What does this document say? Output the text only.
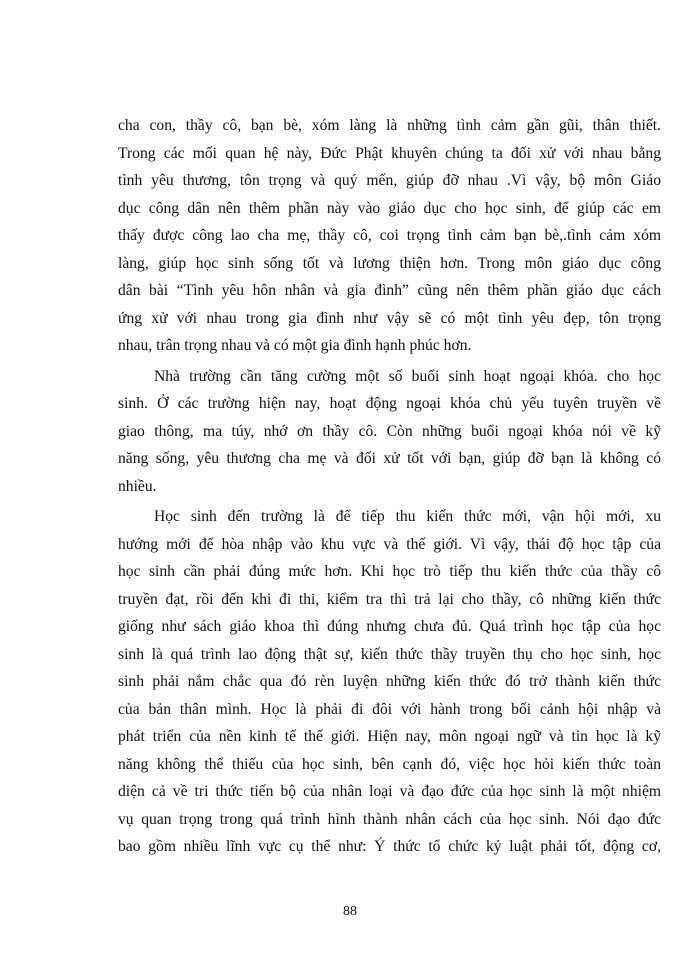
cha con, thầy cô, bạn bè, xóm làng là những tình cảm gần gũi, thân thiết.
Trong các mối quan hệ này, Đức Phật khuyên chúng ta đối xử với nhau bằng
tình yêu thương, tôn trọng và quý mến, giúp đỡ nhau .Vì vậy, bộ môn Giáo
dục công dân nên thêm phần này vào giáo dục cho học sinh, để giúp các em
thấy được công lao cha mẹ, thầy cô, coi trọng tình cảm bạn bè,.tình cảm xóm
làng, giúp học sinh sống tốt và lương thiện hơn. Trong môn giáo dục công
dân bài “Tình yêu hôn nhân và gia đình” cũng nên thêm phần giáo dục cách
ứng xử với nhau trong gia đình như vậy sẽ có một tình yêu đẹp, tôn trọng
nhau, trân trọng nhau và có một gia đình hạnh phúc hơn.
Nhà trường cần tăng cường một số buổi sinh hoạt ngoại khóa. cho học
sinh. Ở các trường hiện nay, hoạt động ngoại khóa chủ yếu tuyên truyền về
giao thông, ma túy, nhớ ơn thầy cô. Còn những buổi ngoại khóa nói về kỹ
năng sống, yêu thương cha mẹ và đối xử tốt với bạn, giúp đỡ bạn là không có
nhiều.
Học sinh đến trường là để tiếp thu kiến thức mới, vận hội mới, xu
hướng mới để hòa nhập vào khu vực và thế giới. Vì vậy, thái độ học tập của
học sinh cần phải đúng mức hơn. Khi học trò tiếp thu kiến thức của thầy cô
truyền đạt, rồi đến khi đi thi, kiểm tra thì trả lại cho thầy, cô những kiến thức
giống như sách giáo khoa thì đúng nhưng chưa đủ. Quá trình học tập của học
sinh là quá trình lao động thật sự, kiến thức thầy truyền thụ cho học sinh, học
sinh phải nắm chắc qua đó rèn luyện những kiến thức đó trở thành kiến thức
của bản thân mình. Học là phải đi đôi với hành trong bối cảnh hội nhập và
phát triển của nền kinh tế thế giới. Hiện nay, môn ngoại ngữ và tin học là kỹ
năng không thể thiếu của học sinh, bên cạnh đó, việc học hỏi kiến thức toàn
diện cả về tri thức tiến bộ của nhân loại và đạo đức của học sinh là một nhiệm
vụ quan trọng trong quá trình hình thành nhân cách của học sinh. Nói đạo đức
bao gồm nhiều lĩnh vực cụ thể như: Ý thức tổ chức kỷ luật phải tốt, động cơ,
88
